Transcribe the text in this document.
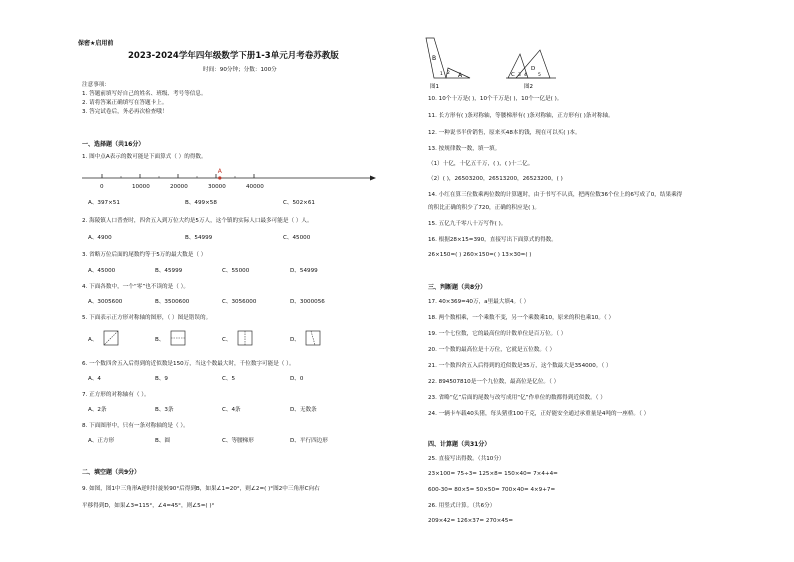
保密★启用前
2023-2024学年四年级数学下册1-3单元月考卷苏教版
时间：90分钟；分数：100分
注意事项：
1. 答题前填写好自己的姓名、班级、考号等信息。
2. 请将答案正确填写在答题卡上。
3. 答完试卷后，务必再次检查哦！
一、选择题（共16分）
1. 图中点A表示的数可能是下面算式（ ）的得数。
A
0	10000	20000	30000	40000
A、397×51	B、499×58	C、502×61
2. 海陵镇人口普查时，四舍五入到万位大约是5万人，这个镇的实际人口最多可能是（ ）人。
A、4900	B、54999	C、45000
3. 省略万位后面的尾数约等于5万的最大数是（ ）
A、45000	B、45999	C、55000	D、54999
4. 下面各数中，一个“零”也不读的是（ ）。
A、3005600	B、3500600	C、3056000	D、3000056
5. 下面表示正方形对称轴的图形，（ ）图是错误的。
A、	B、	C、	D、
6. 一个数四舍五入后得到的近似数是150万，当这个数最大时，千位数字可能是（ ）。
A、4	B、9	C、5	D、0
7. 正方形的对称轴有（ ）。
A、2条	B、3条	C、4条	D、无数条
8. 下面图形中，只有一条对称轴的是（ ）。
A、正方形	B、圆	C、等腰梯形	D、平行四边形
二、填空题（共9分）
9. 如图，图1中三角形A逆时针旋转90°后得到B，如果∠1=20°，则∠2=( )°图2中三角形C向右
平移得到D，如果∠3=115°，∠4=45°，则∠5=( )°
B
A
1 2
图1
C
D
3 4 5
图2
10. 10个十万是( )，10个千万是( )，10个一亿是( )。
11. 长方形有( )条对称轴，等腰梯形有( )条对称轴，正方形有( )条对称轴。
12. 一种说书半价销售，原来买48本的钱，现在可以买( )本。
13. 按规律数一数，填一填。
（1）十亿，十亿五千万，( )，( )十二亿。
（2）( )，26503200，26513200，26523200，( )
14. 小红在算三位数乘两位数的计算题时，由于书写不认真，把两位数36个位上的6写成了0，结果乘得
的积比正确的积少了720，正确的积应是( )。
15. 五亿九千零八十万写作( )。
16. 根据28×15=390，直接写出下面算式的得数。
26×150=( ) 260×150=( ) 13×30=( )
三、判断题（共8分）
17. 40×369=40万，a里最大填4。（ ）
18. 两个数相乘，一个乘数不变，另一个乘数乘10，原来的积也乘10。（ ）
19. 一个七位数，它的最高位的计数单位是百万位。（ ）
20. 一个数的最高位是十万位，它就是五位数。（ ）
21. 一个数四舍五入后得到的近似数是35万，这个数最大是354000。（ ）
22. 894507810是一个九位数，最高位是亿位。（ ）
23. 省略“亿”后面的尾数与改写成用“亿”作单位的数都得到近似数。（ ）
24. 一辆卡车载40头猪，每头猪重100千克，正好能安全通过承重量是4吨的一座桥。（ ）
四、计算题（共31分）
25. 直接写出得数。（共10分）
23×100= 75÷3= 125×8= 150×40= 7×4+4=
600-30= 80×5= 50×50= 700×40= 4×9+7=
26. 用竖式计算。（共6分）
209×42= 126×37= 270×45=
